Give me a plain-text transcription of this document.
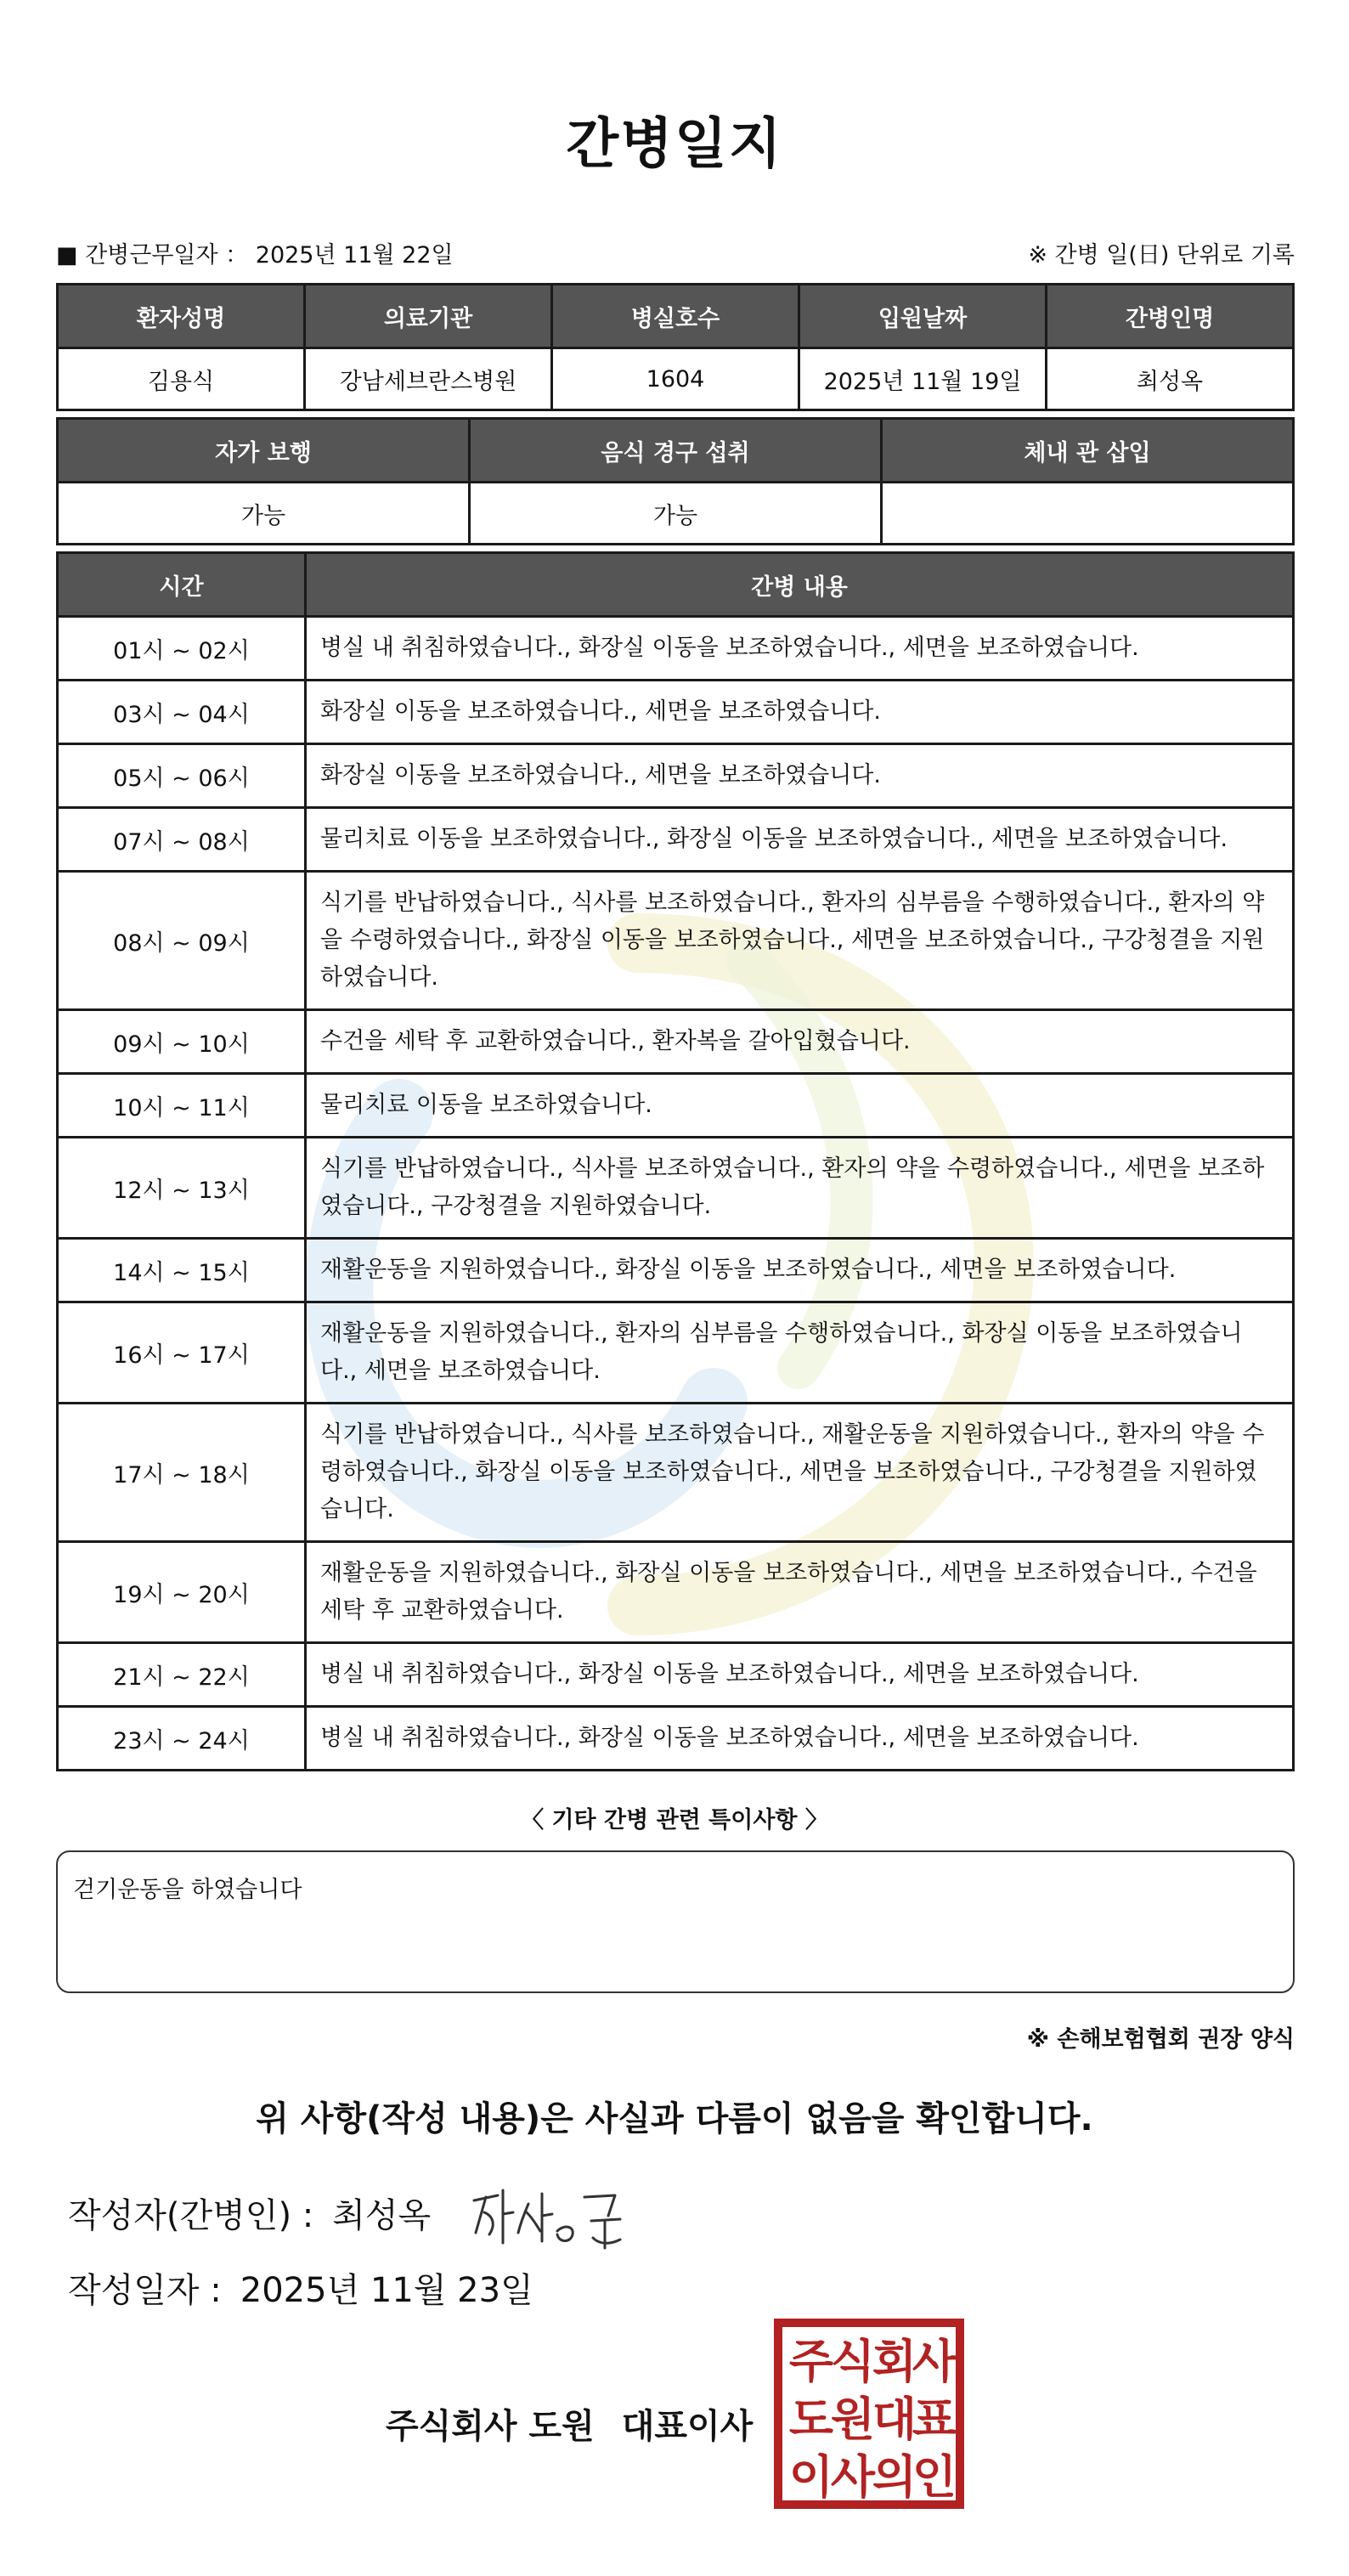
간병일지
■ 간병근무일자 ： 2025년 11월 22일	※ 간병 일(日) 단위로 기록
환자성명	의료기관	병실호수	입원날짜	간병인명
김용식	강남세브란스병원	1604	2025년 11월 19일	최성옥
자가 보행	음식 경구 섭취	체내 관 삽입
가능	가능	
시간	간병 내용
01시 ~ 02시	병실 내 취침하였습니다., 화장실 이동을 보조하였습니다., 세면을 보조하였습니다.
03시 ~ 04시	화장실 이동을 보조하였습니다., 세면을 보조하였습니다.
05시 ~ 06시	화장실 이동을 보조하였습니다., 세면을 보조하였습니다.
07시 ~ 08시	물리치료 이동을 보조하였습니다., 화장실 이동을 보조하였습니다., 세면을 보조하였습니다.
08시 ~ 09시	식기를 반납하였습니다., 식사를 보조하였습니다., 환자의 심부름을 수행하였습니다., 환자의 약을 수령하였습니다., 화장실 이동을 보조하였습니다., 세면을 보조하였습니다., 구강청결을 지원하였습니다.
09시 ~ 10시	수건을 세탁 후 교환하였습니다., 환자복을 갈아입혔습니다.
10시 ~ 11시	물리치료 이동을 보조하였습니다.
12시 ~ 13시	식기를 반납하였습니다., 식사를 보조하였습니다., 환자의 약을 수령하였습니다., 세면을 보조하였습니다., 구강청결을 지원하였습니다.
14시 ~ 15시	재활운동을 지원하였습니다., 화장실 이동을 보조하였습니다., 세면을 보조하였습니다.
16시 ~ 17시	재활운동을 지원하였습니다., 환자의 심부름을 수행하였습니다., 화장실 이동을 보조하였습니다., 세면을 보조하였습니다.
17시 ~ 18시	식기를 반납하였습니다., 식사를 보조하였습니다., 재활운동을 지원하였습니다., 환자의 약을 수령하였습니다., 화장실 이동을 보조하였습니다., 세면을 보조하였습니다., 구강청결을 지원하였습니다.
19시 ~ 20시	재활운동을 지원하였습니다., 화장실 이동을 보조하였습니다., 세면을 보조하였습니다., 수건을 세탁 후 교환하였습니다.
21시 ~ 22시	병실 내 취침하였습니다., 화장실 이동을 보조하였습니다., 세면을 보조하였습니다.
23시 ~ 24시	병실 내 취침하였습니다., 화장실 이동을 보조하였습니다., 세면을 보조하였습니다.
〈 기타 간병 관련 특이사항 〉
걷기운동을 하였습니다
※ 손해보험협회 권장 양식
위 사항(작성 내용)은 사실과 다름이 없음을 확인합니다.
작성자(간병인) : 최성옥
작성일자 : 2025년 11월 23일
주식회사 도원 대표이사
주
식
회
사
도
원
대
표
이
사
의
인
